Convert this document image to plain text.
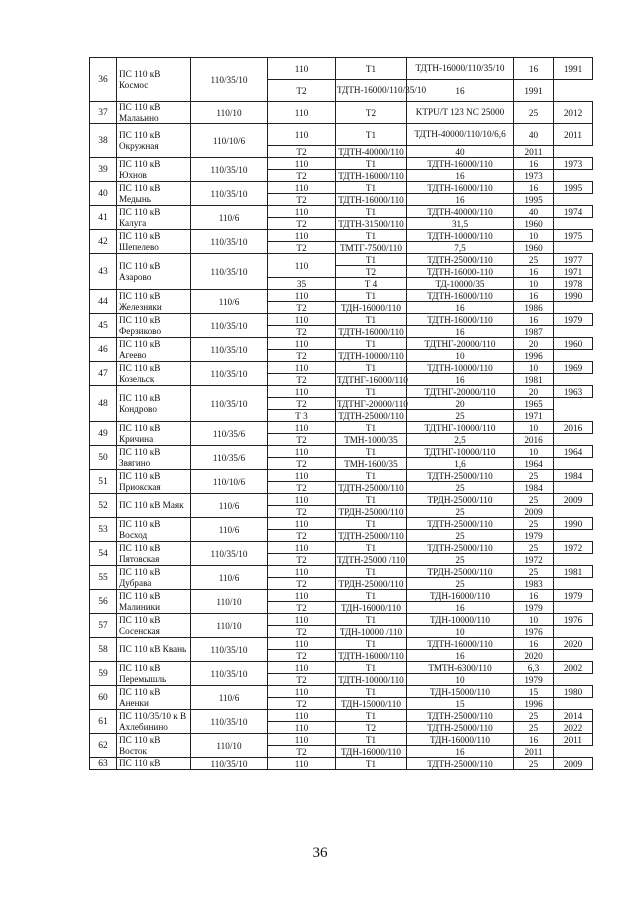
36	ПС 110 кВ Космос	110/35/10	110	Т1	ТДТН-16000/110/35/10	16	1991
			Т2	ТДТН-16000/110/35/10	16	1991	
37	ПС 110 кВ Малаьино	110/10	110	Т2	KTPU/T 123 NC 25000	25	2012
38	ПС 110 кВ Окружная	110/10/6	110	Т1	ТДТН-40000/110/10/6,6	40	2011
			Т2	ТДТН-40000/110	40	2011	
39	ПС 110 кВ Юхнов	110/35/10	110	Т1	ТДТН-16000/110	16	1973
			Т2	ТДТН-16000/110	16	1973	
40	ПС 110 кВ Медынь	110/35/10	110	Т1	ТДТН-16000/110	16	1995
			Т2	ТДТН-16000/110	16	1995	
41	ПС 110 кВ Калуга	110/6	110	Т1	ТДТН-40000/110	40	1974
			Т2	ТДТН-31500/110	31,5	1960	
42	ПС 110 кВ Шепелево	110/35/10	110	Т1	ТДТН-10000/110	10	1975
			Т2	ТМТГ-7500/110	7,5	1960	
43	ПС 110 кВ Азарово	110/35/10	110	Т1	ТДТН-25000/110	25	1977
				Т2	ТДТН-16000-110	16	1971
			35	Т 4	ТД-10000/35	10	1978
44	ПС 110 кВ Железняки	110/6	110	Т1	ТДТН-16000/110	16	1990
			Т2	ТДН-16000/110	16	1986	
45	ПС 110 кВ Ферзиково	110/35/10	110	Т1	ТДТН-16000/110	16	1979
			Т2	ТДТН-16000/110	16	1987	
46	ПС 110 кВ Агеево	110/35/10	110	Т1	ТДТНГ-20000/110	20	1960
			Т2	ТДТН-10000/110	10	1996	
47	ПС 110 кВ Козельск	110/35/10	110	Т1	ТДТН-10000/110	10	1969
			Т2	ТДТНГ-16000/110	16	1981	
48	ПС 110 кВ Кондрово	110/35/10	110	Т1	ТДТНГ-20000/110	20	1963
			Т2	ТДТНГ-20000/110	20	1965	
			Т 3	ТДТН-25000/110	25	1971	
49	ПС 110 кВ Кричина	110/35/6	110	Т1	ТДТНГ-10000/110	10	2016
			Т2	ТМН-1000/35	2,5	2016	
50	ПС 110 кВ Звягино	110/35/6	110	Т1	ТДТНГ-10000/110	10	1964
			Т2	ТМН-1600/35	1,6	1964	
51	ПС 110 кВ Приокская	110/10/6	110	Т1	ТДТН-25000/110	25	1984
			Т2	ТДТН-25000/110	25	1984	
52	ПС 110 кВ Маяк	110/6	110	Т1	ТРДН-25000/110	25	2009
			Т2	ТРДН-25000/110	25	2009	
53	ПС 110 кВ Восход	110/6	110	Т1	ТДТН-25000/110	25	1990
			Т2	ТДТН-25000/110	25	1979	
54	ПС 110 кВ Пятовская	110/35/10	110	Т1	ТДТН-25000/110	25	1972
			Т2	ТДТН-25000 /110	25	1972	
55	ПС 110 кВ Дубрава	110/6	110	Т1	ТРДН-25000/110	25	1981
			Т2	ТРДН-25000/110	25	1983	
56	ПС 110 кВ Малиники	110/10	110	Т1	ТДН-16000/110	16	1979
			Т2	ТДН-16000/110	16	1979	
57	ПС 110 кВ Сосенская	110/10	110	Т1	ТДН-10000/110	10	1976
			Т2	ТДН-10000 /110	10	1976	
58	ПС 110 кВ Квань	110/35/10	110	Т1	ТДТН-16000/110	16	2020
			Т2	ТДТН-16000/110	16	2020	
59	ПС 110 кВ Перемышль	110/35/10	110	Т1	ТМТН-6300/110	6,3	2002
			Т2	ТДТН-10000/110	10	1979	
60	ПС 110 кВ Аненки	110/6	110	Т1	ТДН-15000/110	15	1980
			Т2	ТДН-15000/110	15	1996	
61	ПС 110/35/10 к В Ахлебинино	110/35/10	110	Т1	ТДТН-25000/110	25	2014
			110	Т2	ТДТН-25000/110	25	2022
62	ПС 110 кВ Восток	110/10	110	Т1	ТДН-16000/110	16	2011
			Т2	ТДН-16000/110	16	2011	
63	ПС 110 кВ	110/35/10	110	Т1	ТДТН-25000/110	25	2009
36
